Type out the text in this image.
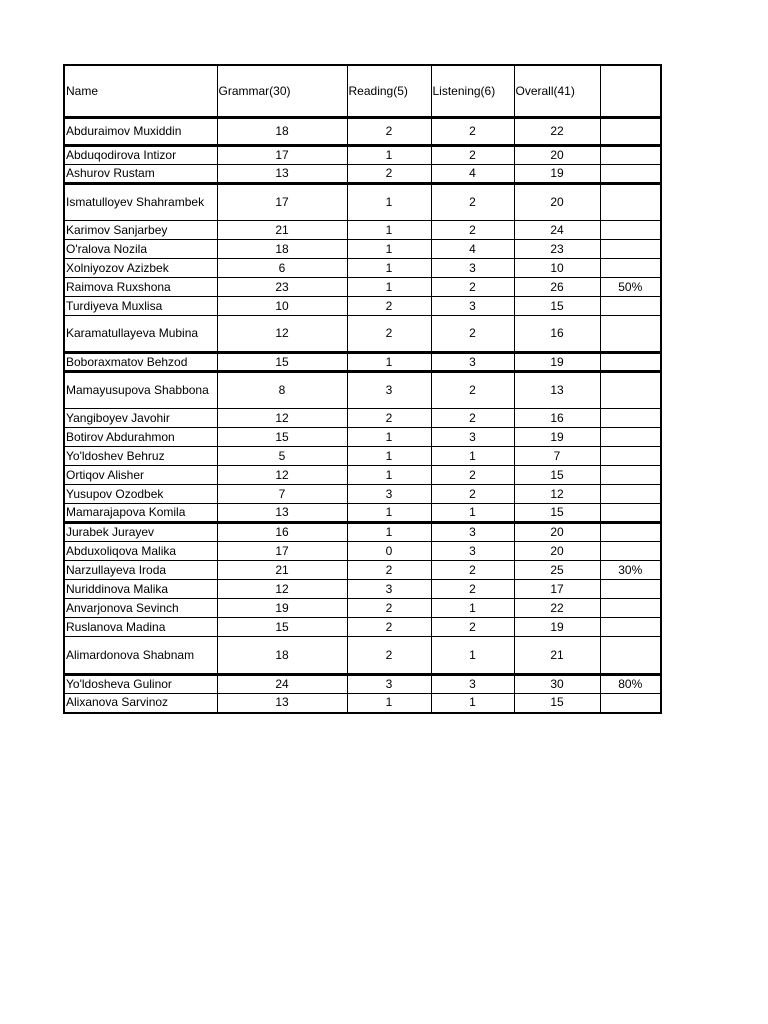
Name	Grammar(30)	Reading(5)	Listening(6)	Overall(41)	
Abduraimov Muxiddin	18	2	2	22	
Abduqodirova Intizor	17	1	2	20	
Ashurov Rustam	13	2	4	19	
Ismatulloyev Shahrambek	17	1	2	20	
Karimov Sanjarbey	21	1	2	24	
O'ralova Nozila	18	1	4	23	
Xolniyozov Azizbek	6	1	3	10	
Raimova Ruxshona	23	1	2	26	50%
Turdiyeva Muxlisa	10	2	3	15	
Karamatullayeva Mubina	12	2	2	16	
Boboraxmatov Behzod	15	1	3	19	
Mamayusupova Shabbona	8	3	2	13	
Yangiboyev Javohir	12	2	2	16	
Botirov Abdurahmon	15	1	3	19	
Yo'ldoshev Behruz	5	1	1	7	
Ortiqov Alisher	12	1	2	15	
Yusupov Ozodbek	7	3	2	12	
Mamarajapova Komila	13	1	1	15	
Jurabek Jurayev	16	1	3	20	
Abduxoliqova Malika	17	0	3	20	
Narzullayeva Iroda	21	2	2	25	30%
Nuriddinova Malika	12	3	2	17	
Anvarjonova Sevinch	19	2	1	22	
Ruslanova Madina	15	2	2	19	
Alimardonova Shabnam	18	2	1	21	
Yo'ldosheva Gulinor	24	3	3	30	80%
Alixanova Sarvinoz	13	1	1	15	
